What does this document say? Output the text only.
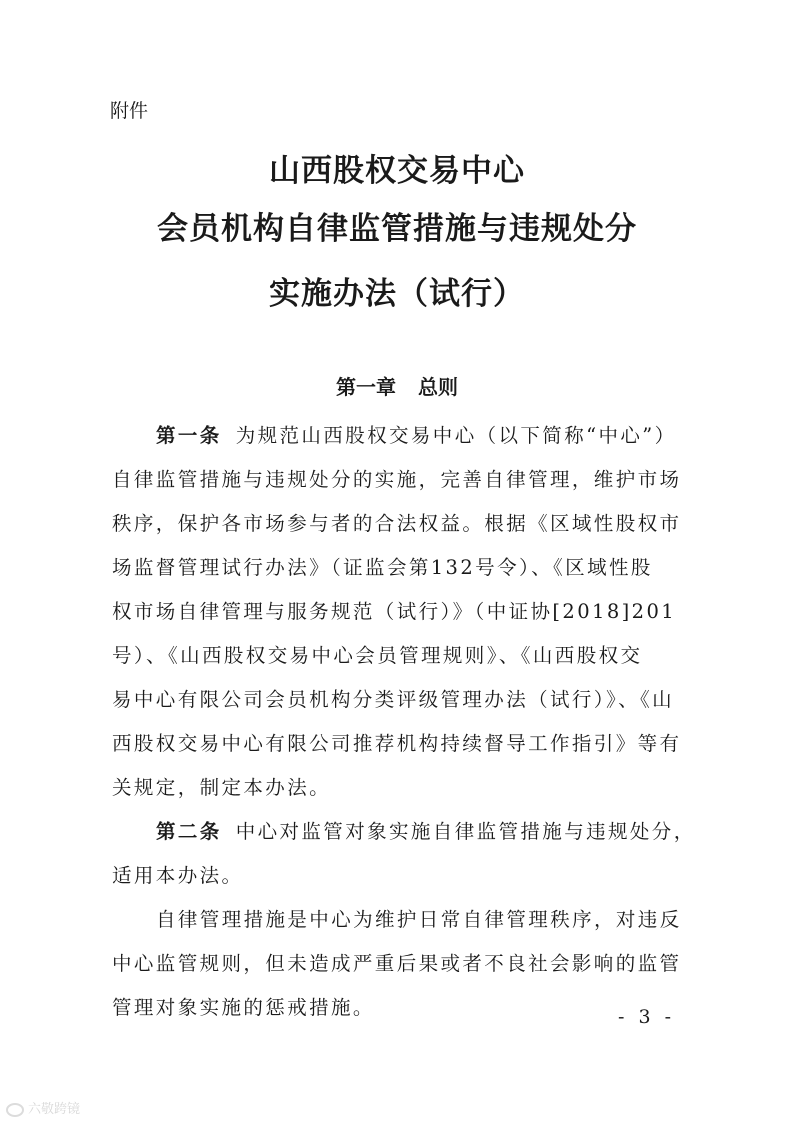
附件
山西股权交易中心
会员机构自律监管措施与违规处分
实施办法（试行）
第一章 总则
第一条 为规范山西股权交易中心（以下简称“中心”）
自律监管措施与违规处分的实施，完善自律管理，维护市场
秩序，保护各市场参与者的合法权益。根据《区域性股权市
场监督管理试行办法》（证监会第132号令）、《区域性股
权市场自律管理与服务规范（试行）》（中证协[2018]201
号）、《山西股权交易中心会员管理规则》、《山西股权交
易中心有限公司会员机构分类评级管理办法（试行）》、《山
西股权交易中心有限公司推荐机构持续督导工作指引》等有
关规定，制定本办法。
第二条 中心对监管对象实施自律监管措施与违规处分，
适用本办法。
自律管理措施是中心为维护日常自律管理秩序，对违反
中心监管规则，但未造成严重后果或者不良社会影响的监管
管理对象实施的惩戒措施。	- 3 -
六敬跨镜
